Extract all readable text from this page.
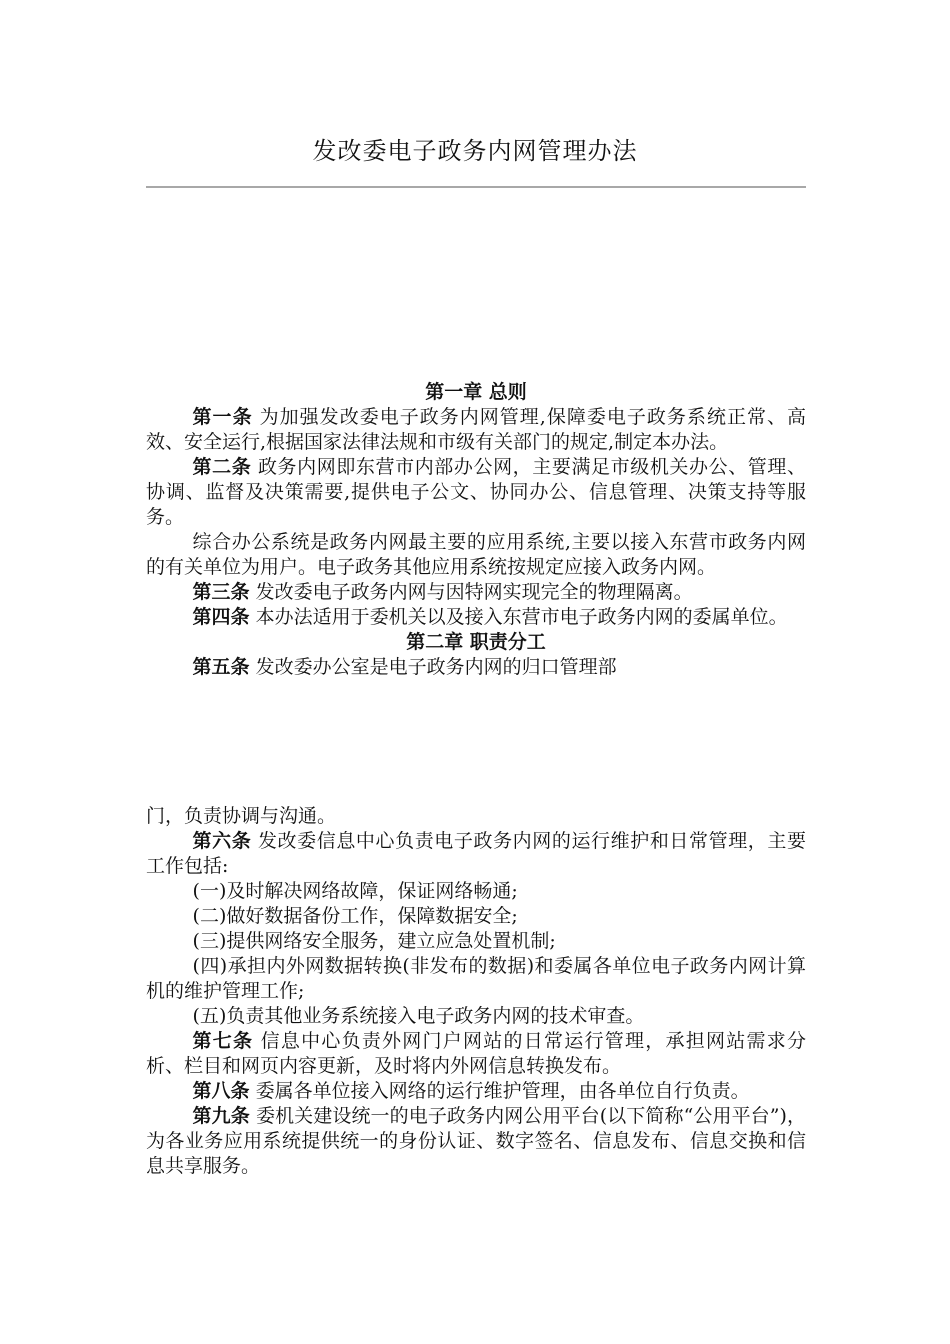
发改委电子政务内网管理办法

第一章 总则

第一条 为加强发改委电子政务内网管理,保障委电子政务系统正常、高效、安全运行,根据国家法律法规和市级有关部门的规定,制定本办法。

第二条 政务内网即东营市内部办公网，主要满足市级机关办公、管理、协调、监督及决策需要,提供电子公文、协同办公、信息管理、决策支持等服务。

综合办公系统是政务内网最主要的应用系统,主要以接入东营市政务内网的有关单位为用户。电子政务其他应用系统按规定应接入政务内网。

第三条 发改委电子政务内网与因特网实现完全的物理隔离。

第四条 本办法适用于委机关以及接入东营市电子政务内网的委属单位。

第二章 职责分工

第五条 发改委办公室是电子政务内网的归口管理部

门，负责协调与沟通。

第六条 发改委信息中心负责电子政务内网的运行维护和日常管理，主要工作包括:

(一)及时解决网络故障，保证网络畅通;

(二)做好数据备份工作，保障数据安全;

(三)提供网络安全服务，建立应急处置机制;

(四)承担内外网数据转换(非发布的数据)和委属各单位电子政务内网计算机的维护管理工作;

(五)负责其他业务系统接入电子政务内网的技术审查。

第七条 信息中心负责外网门户网站的日常运行管理，承担网站需求分析、栏目和网页内容更新，及时将内外网信息转换发布。

第八条 委属各单位接入网络的运行维护管理，由各单位自行负责。

第九条 委机关建设统一的电子政务内网公用平台(以下简称“公用平台”)，为各业务应用系统提供统一的身份认证、数字签名、信息发布、信息交换和信息共享服务。
